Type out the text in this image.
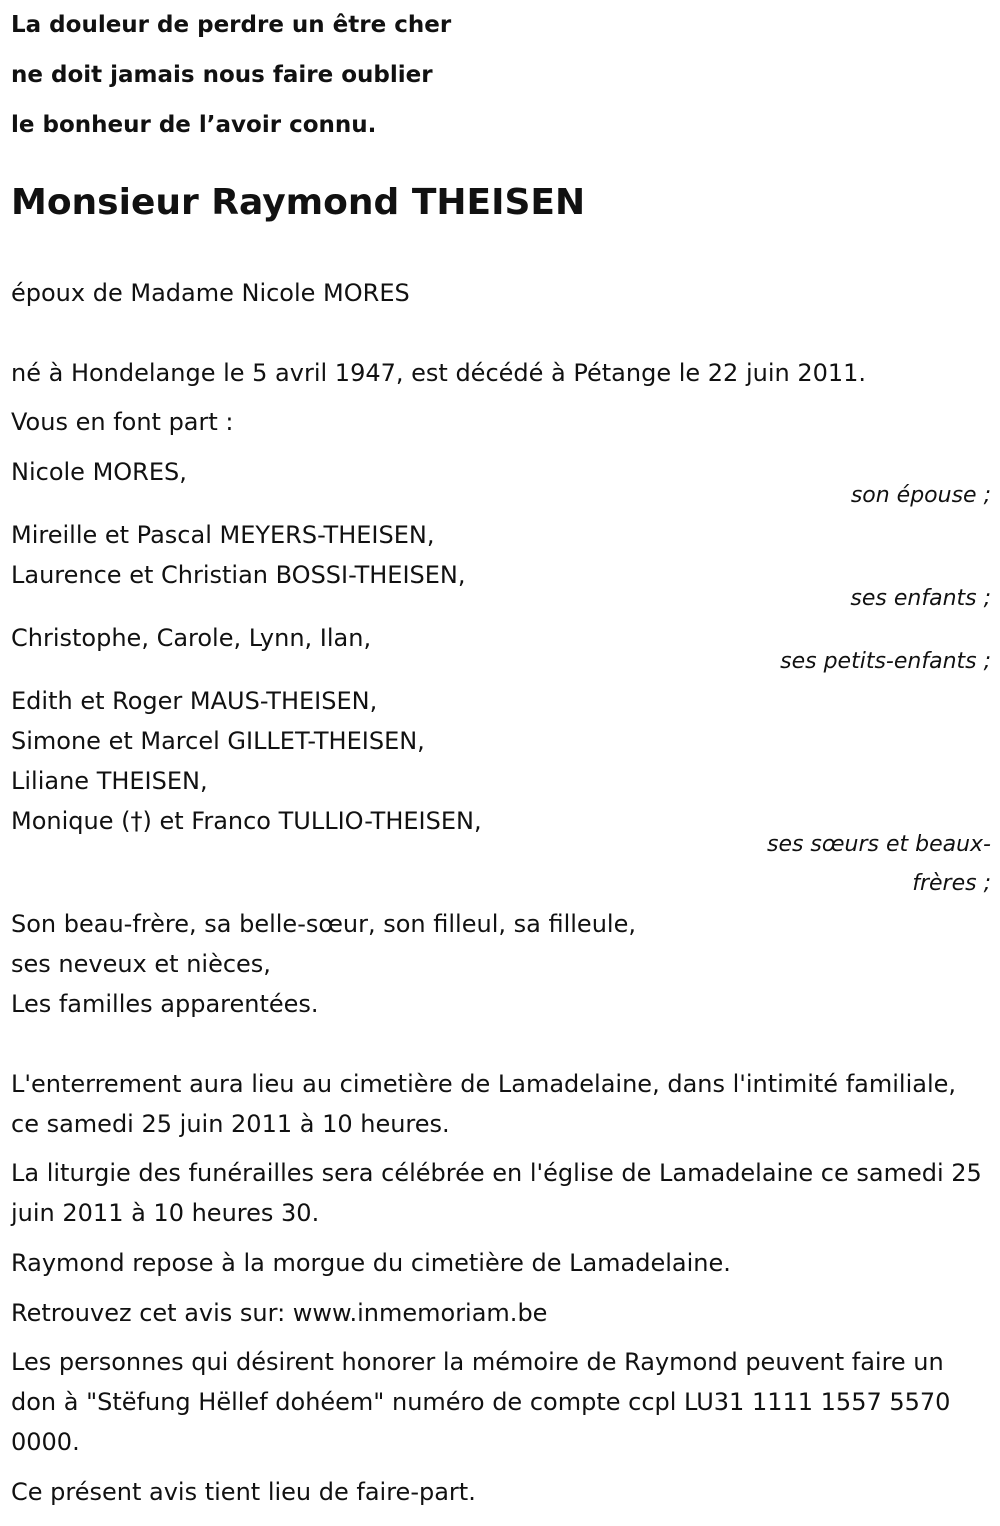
La douleur de perdre un être cher
ne doit jamais nous faire oublier
le bonheur de l’avoir connu.
Monsieur Raymond THEISEN
époux de Madame Nicole MORES
né à Hondelange le 5 avril 1947, est décédé à Pétange le 22 juin 2011.
Vous en font part :
Nicole MORES,
son épouse ;
Mireille et Pascal MEYERS-THEISEN,
Laurence et Christian BOSSI-THEISEN,
ses enfants ;
Christophe, Carole, Lynn, Ilan,
ses petits-enfants ;
Edith et Roger MAUS-THEISEN,
Simone et Marcel GILLET-THEISEN,
Liliane THEISEN,
Monique (†) et Franco TULLIO-THEISEN,
ses sœurs et beaux-
frères ;
Son beau-frère, sa belle-sœur, son filleul, sa filleule,
ses neveux et nièces,
Les familles apparentées.
L'enterrement aura lieu au cimetière de Lamadelaine, dans l'intimité familiale, ce samedi 25 juin 2011 à 10 heures.
La liturgie des funérailles sera célébrée en l'église de Lamadelaine ce samedi 25 juin 2011 à 10 heures 30.
Raymond repose à la morgue du cimetière de Lamadelaine.
Retrouvez cet avis sur: www.inmemoriam.be
Les personnes qui désirent honorer la mémoire de Raymond peuvent faire un don à "Stëfung Hëllef dohéem" numéro de compte ccpl LU31 1111 1557 5570 0000.
Ce présent avis tient lieu de faire-part.
